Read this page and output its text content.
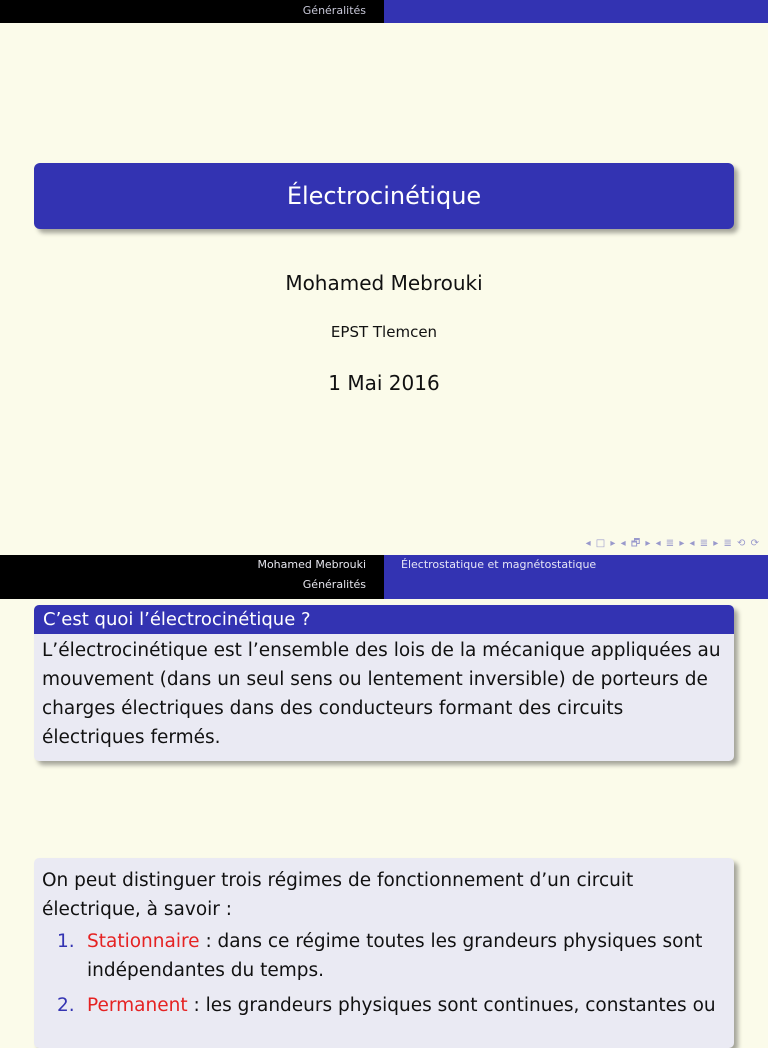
Généralités
Électrocinétique
Mohamed Mebrouki
EPST Tlemcen
1 Mai 2016
◂ □ ▸ ◂ 🗗 ▸ ◂ ≣ ▸ ◂ ≣ ▸ ≣ ⟲ ⟳
Mohamed Mebrouki
Généralités
Électrostatique et magnétostatique
C’est quoi l’électrocinétique ?
L’électrocinétique est l’ensemble des lois de la mécanique appliquées au mouvement (dans un seul sens ou lentement inversible) de porteurs de charges électriques dans des conducteurs formant des circuits électriques fermés.
On peut distinguer trois régimes de fonctionnement d’un circuit électrique, à savoir :
1. Stationnaire : dans ce régime toutes les grandeurs physiques sont indépendantes du temps.
2. Permanent : les grandeurs physiques sont continues, constantes ou
